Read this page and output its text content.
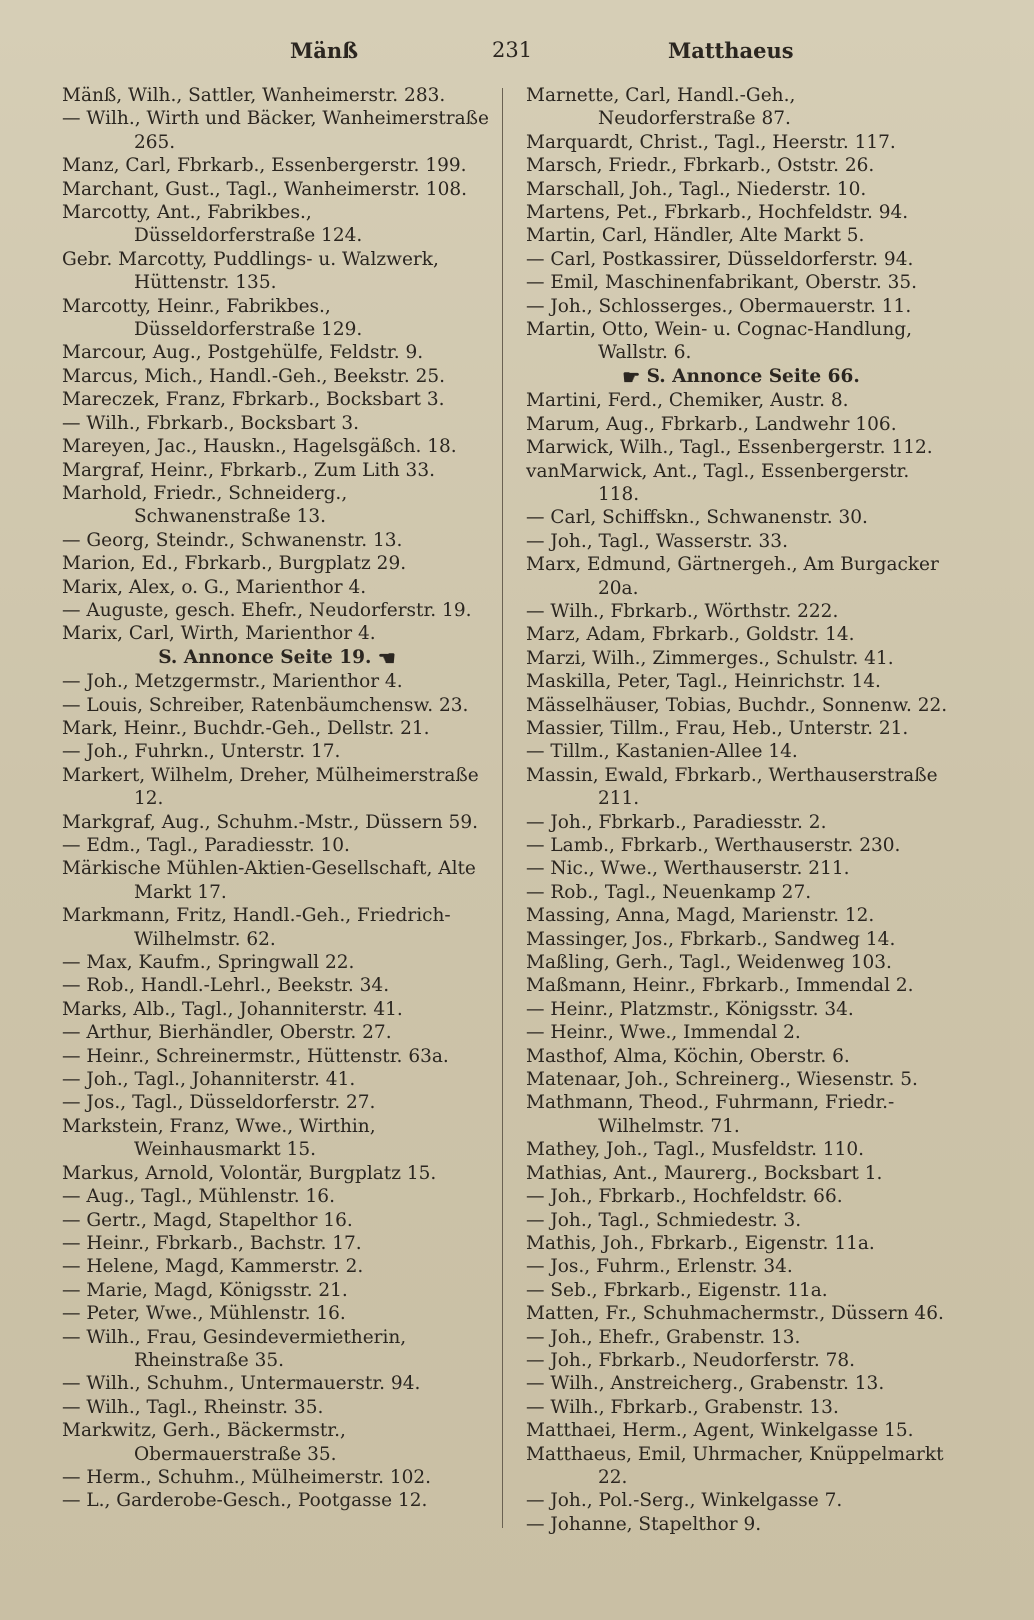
Mänß	231	Matthaeus
Mänß, Wilh., Sattler, Wanheimerstr. 283.
— Wilh., Wirth und Bäcker, Wanheimerstraße 265.
Manz, Carl, Fbrkarb., Essenbergerstr. 199.
Marchant, Gust., Tagl., Wanheimerstr. 108.
Marcotty, Ant., Fabrikbes., Düsseldorferstraße 124.
Gebr. Marcotty, Puddlings- u. Walzwerk, Hüttenstr. 135.
Marcotty, Heinr., Fabrikbes., Düsseldorferstraße 129.
Marcour, Aug., Postgehülfe, Feldstr. 9.
Marcus, Mich., Handl.-Geh., Beekstr. 25.
Mareczek, Franz, Fbrkarb., Bocksbart 3.
— Wilh., Fbrkarb., Bocksbart 3.
Mareyen, Jac., Hauskn., Hagelsgäßch. 18.
Margraf, Heinr., Fbrkarb., Zum Lith 33.
Marhold, Friedr., Schneiderg., Schwanenstraße 13.
— Georg, Steindr., Schwanenstr. 13.
Marion, Ed., Fbrkarb., Burgplatz 29.
Marix, Alex, o. G., Marienthor 4.
— Auguste, gesch. Ehefr., Neudorferstr. 19.
Marix, Carl, Wirth, Marienthor 4.
S. Annonce Seite 19. ☚
— Joh., Metzgermstr., Marienthor 4.
— Louis, Schreiber, Ratenbäumchensw. 23.
Mark, Heinr., Buchdr.-Geh., Dellstr. 21.
— Joh., Fuhrkn., Unterstr. 17.
Markert, Wilhelm, Dreher, Mülheimerstraße 12.
Markgraf, Aug., Schuhm.-Mstr., Düssern 59.
— Edm., Tagl., Paradiesstr. 10.
Märkische Mühlen-Aktien-Gesellschaft, Alte Markt 17.
Markmann, Fritz, Handl.-Geh., Friedrich-Wilhelmstr. 62.
— Max, Kaufm., Springwall 22.
— Rob., Handl.-Lehrl., Beekstr. 34.
Marks, Alb., Tagl., Johanniterstr. 41.
— Arthur, Bierhändler, Oberstr. 27.
— Heinr., Schreinermstr., Hüttenstr. 63a.
— Joh., Tagl., Johanniterstr. 41.
— Jos., Tagl., Düsseldorferstr. 27.
Markstein, Franz, Wwe., Wirthin, Weinhausmarkt 15.
Markus, Arnold, Volontär, Burgplatz 15.
— Aug., Tagl., Mühlenstr. 16.
— Gertr., Magd, Stapelthor 16.
— Heinr., Fbrkarb., Bachstr. 17.
— Helene, Magd, Kammerstr. 2.
— Marie, Magd, Königsstr. 21.
— Peter, Wwe., Mühlenstr. 16.
— Wilh., Frau, Gesindevermietherin, Rheinstraße 35.
— Wilh., Schuhm., Untermauerstr. 94.
— Wilh., Tagl., Rheinstr. 35.
Markwitz, Gerh., Bäckermstr., Obermauerstraße 35.
— Herm., Schuhm., Mülheimerstr. 102.
— L., Garderobe-Gesch., Pootgasse 12.
Marnette, Carl, Handl.-Geh., Neudorferstraße 87.
Marquardt, Christ., Tagl., Heerstr. 117.
Marsch, Friedr., Fbrkarb., Oststr. 26.
Marschall, Joh., Tagl., Niederstr. 10.
Martens, Pet., Fbrkarb., Hochfeldstr. 94.
Martin, Carl, Händler, Alte Markt 5.
— Carl, Postkassirer, Düsseldorferstr. 94.
— Emil, Maschinenfabrikant, Oberstr. 35.
— Joh., Schlosserges., Obermauerstr. 11.
Martin, Otto, Wein- u. Cognac-Handlung, Wallstr. 6.
☛ S. Annonce Seite 66.
Martini, Ferd., Chemiker, Austr. 8.
Marum, Aug., Fbrkarb., Landwehr 106.
Marwick, Wilh., Tagl., Essenbergerstr. 112.
vanMarwick, Ant., Tagl., Essenbergerstr. 118.
— Carl, Schiffskn., Schwanenstr. 30.
— Joh., Tagl., Wasserstr. 33.
Marx, Edmund, Gärtnergeh., Am Burgacker 20a.
— Wilh., Fbrkarb., Wörthstr. 222.
Marz, Adam, Fbrkarb., Goldstr. 14.
Marzi, Wilh., Zimmerges., Schulstr. 41.
Maskilla, Peter, Tagl., Heinrichstr. 14.
Mässelhäuser, Tobias, Buchdr., Sonnenw. 22.
Massier, Tillm., Frau, Heb., Unterstr. 21.
— Tillm., Kastanien-Allee 14.
Massin, Ewald, Fbrkarb., Werthauserstraße 211.
— Joh., Fbrkarb., Paradiesstr. 2.
— Lamb., Fbrkarb., Werthauserstr. 230.
— Nic., Wwe., Werthauserstr. 211.
— Rob., Tagl., Neuenkamp 27.
Massing, Anna, Magd, Marienstr. 12.
Massinger, Jos., Fbrkarb., Sandweg 14.
Maßling, Gerh., Tagl., Weidenweg 103.
Maßmann, Heinr., Fbrkarb., Immendal 2.
— Heinr., Platzmstr., Königsstr. 34.
— Heinr., Wwe., Immendal 2.
Masthof, Alma, Köchin, Oberstr. 6.
Matenaar, Joh., Schreinerg., Wiesenstr. 5.
Mathmann, Theod., Fuhrmann, Friedr.-Wilhelmstr. 71.
Mathey, Joh., Tagl., Musfeldstr. 110.
Mathias, Ant., Maurerg., Bocksbart 1.
— Joh., Fbrkarb., Hochfeldstr. 66.
— Joh., Tagl., Schmiedestr. 3.
Mathis, Joh., Fbrkarb., Eigenstr. 11a.
— Jos., Fuhrm., Erlenstr. 34.
— Seb., Fbrkarb., Eigenstr. 11a.
Matten, Fr., Schuhmachermstr., Düssern 46.
— Joh., Ehefr., Grabenstr. 13.
— Joh., Fbrkarb., Neudorferstr. 78.
— Wilh., Anstreicherg., Grabenstr. 13.
— Wilh., Fbrkarb., Grabenstr. 13.
Matthaei, Herm., Agent, Winkelgasse 15.
Matthaeus, Emil, Uhrmacher, Knüppelmarkt 22.
— Joh., Pol.-Serg., Winkelgasse 7.
— Johanne, Stapelthor 9.
